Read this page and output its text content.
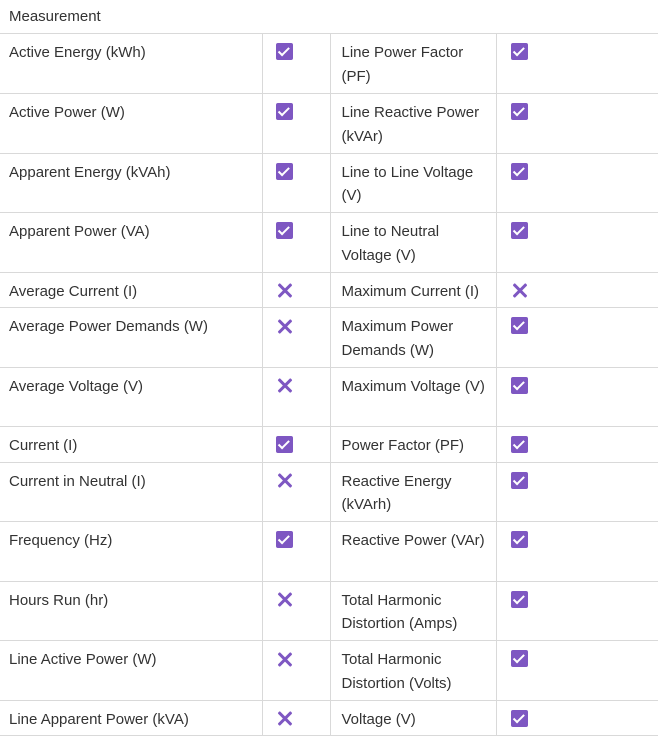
Measurement
Active Energy (kWh)		Line Power Factor (PF)	
Active Power (W)		Line Reactive Power (kVAr)	
Apparent Energy (kVAh)		Line to Line Voltage (V)	
Apparent Power (VA)		Line to Neutral Voltage (V)	
Average Current (I)		Maximum Current (I)	
Average Power Demands (W)		Maximum Power Demands (W)	
Average Voltage (V)		Maximum Voltage (V)	
Current (I)		Power Factor (PF)	
Current in Neutral (I)		Reactive Energy (kVArh)	
Frequency (Hz)		Reactive Power (VAr)	
Hours Run (hr)		Total Harmonic Distortion (Amps)	
Line Active Power (W)		Total Harmonic Distortion (Volts)	
Line Apparent Power (kVA)		Voltage (V)	
